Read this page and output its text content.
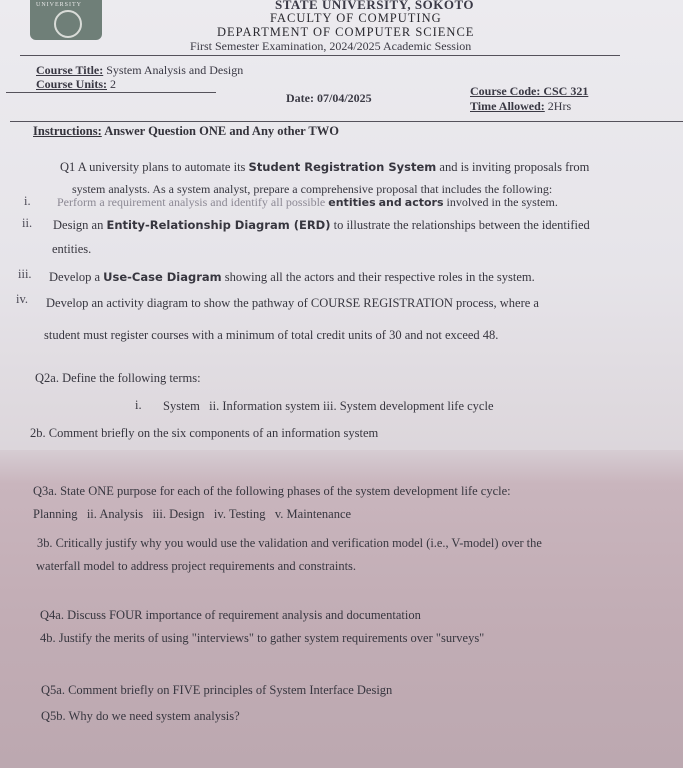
UNIVERSITY	STATE UNIVERSITY, SOKOTO
FACULTY OF COMPUTING
DEPARTMENT OF COMPUTER SCIENCE
First Semester Examination, 2024/2025 Academic Session
Course Title: System Analysis and Design
Course Units: 2
Date: 07/04/2025	Course Code: CSC 321
Time Allowed: 2Hrs
Instructions: Answer Question ONE and Any other TWO
Q1 A university plans to automate its Student Registration System and is inviting proposals from
system analysts. As a system analyst, prepare a comprehensive proposal that includes the following:
i. Perform a requirement analysis and identify all possible entities and actors involved in the system.
ii. Design an Entity-Relationship Diagram (ERD) to illustrate the relationships between the identified
entities.
iii. Develop a Use-Case Diagram showing all the actors and their respective roles in the system.
iv. Develop an activity diagram to show the pathway of COURSE REGISTRATION process, where a
student must register courses with a minimum of total credit units of 30 and not exceed 48.
Q2a. Define the following terms:
i. System   ii. Information system iii. System development life cycle
2b. Comment briefly on the six components of an information system
Q3a. State ONE purpose for each of the following phases of the system development life cycle:
Planning   ii. Analysis   iii. Design   iv. Testing   v. Maintenance
3b. Critically justify why you would use the validation and verification model (i.e., V-model) over the
waterfall model to address project requirements and constraints.
Q4a. Discuss FOUR importance of requirement analysis and documentation
4b. Justify the merits of using "interviews" to gather system requirements over "surveys"
Q5a. Comment briefly on FIVE principles of System Interface Design
Q5b. Why do we need system analysis?
